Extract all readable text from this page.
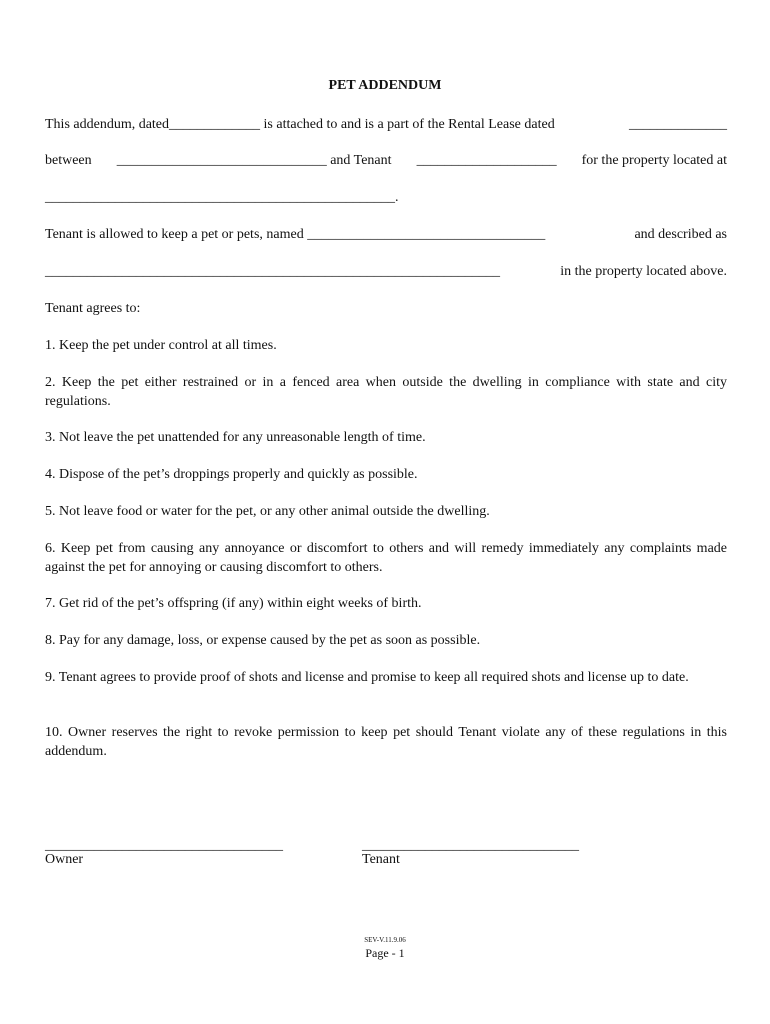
PET ADDENDUM
This addendum, dated_____________ is attached to and is a part of the Rental Lease dated	______________
between ______________________________ and Tenant ____________________ for the property located at
__________________________________________________.
Tenant is allowed to keep a pet or pets, named __________________________________	and described as
_________________________________________________________________	in the property located above.
Tenant agrees to:
1. Keep the pet under control at all times.
2. Keep the pet either restrained or in a fenced area when outside the dwelling in compliance with state and city regulations.
3. Not leave the pet unattended for any unreasonable length of time.
4. Dispose of the pet’s droppings properly and quickly as possible.
5. Not leave food or water for the pet, or any other animal outside the dwelling.
6. Keep pet from causing any annoyance or discomfort to others and will remedy immediately any complaints made against the pet for annoying or causing discomfort to others.
7. Get rid of the pet’s offspring (if any) within eight weeks of birth.
8. Pay for any damage, loss, or expense caused by the pet as soon as possible.
9. Tenant agrees to provide proof of shots and license and promise to keep all required shots and license up to date.
10. Owner reserves the right to revoke permission to keep pet should Tenant violate any of these regulations in this addendum.
__________________________________
Owner
_______________________________
Tenant
SEV-V.11.9.06
Page - 1
